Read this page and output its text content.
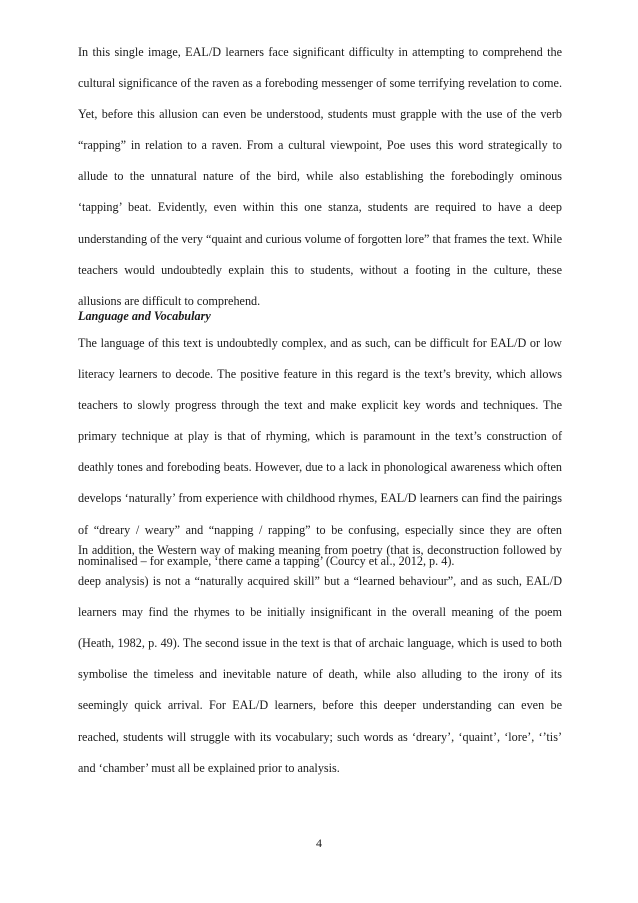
In this single image, EAL/D learners face significant difficulty in attempting to comprehend the cultural significance of the raven as a foreboding messenger of some terrifying revelation to come. Yet, before this allusion can even be understood, students must grapple with the use of the verb “rapping” in relation to a raven. From a cultural viewpoint, Poe uses this word strategically to allude to the unnatural nature of the bird, while also establishing the forebodingly ominous ‘tapping’ beat. Evidently, even within this one stanza, students are required to have a deep understanding of the very “quaint and curious volume of forgotten lore” that frames the text. While teachers would undoubtedly explain this to students, without a footing in the culture, these allusions are difficult to comprehend.

Language and Vocabulary

The language of this text is undoubtedly complex, and as such, can be difficult for EAL/D or low literacy learners to decode. The positive feature in this regard is the text’s brevity, which allows teachers to slowly progress through the text and make explicit key words and techniques. The primary technique at play is that of rhyming, which is paramount in the text’s construction of deathly tones and foreboding beats. However, due to a lack in phonological awareness which often develops ‘naturally’ from experience with childhood rhymes, EAL/D learners can find the pairings of “dreary / weary” and “napping / rapping” to be confusing, especially since they are often nominalised – for example, ‘there came a tapping’ (Courcy et al., 2012, p. 4).

In addition, the Western way of making meaning from poetry (that is, deconstruction followed by deep analysis) is not a “naturally acquired skill” but a “learned behaviour”, and as such, EAL/D learners may find the rhymes to be initially insignificant in the overall meaning of the poem (Heath, 1982, p. 49). The second issue in the text is that of archaic language, which is used to both symbolise the timeless and inevitable nature of death, while also alluding to the irony of its seemingly quick arrival. For EAL/D learners, before this deeper understanding can even be reached, students will struggle with its vocabulary; such words as ‘dreary’, ‘quaint’, ‘lore’, ‘’tis’ and ‘chamber’ must all be explained prior to analysis.

4
